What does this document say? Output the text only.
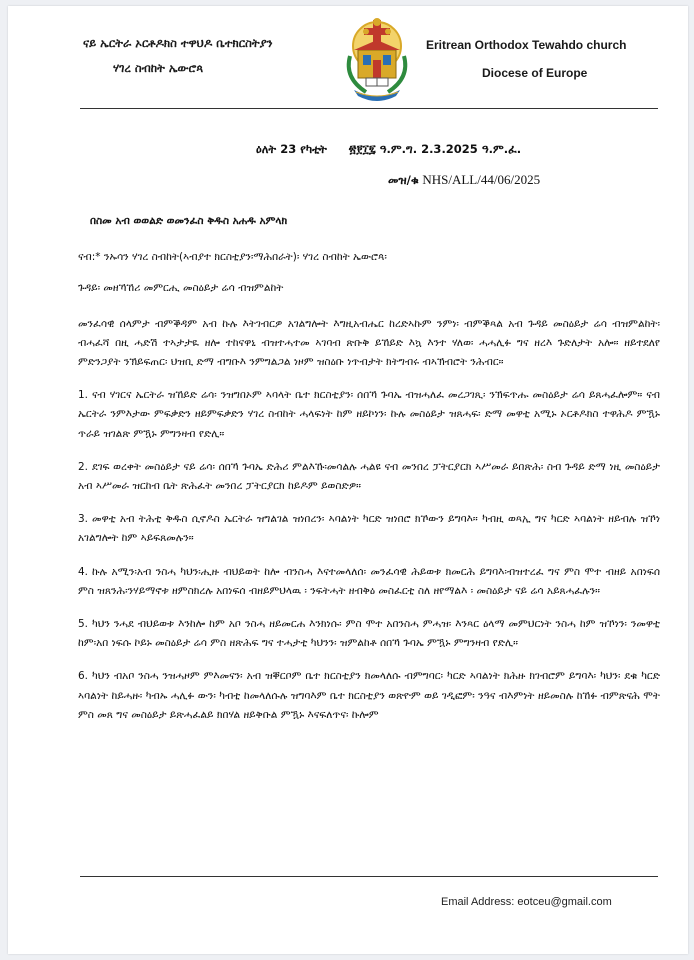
ናይ ኤርትራ ኦርቶዶክስ ተዋህዶ ቤተክርስትያን
ሃገረ ስብከት ኤውሮጳ
Eritrean Orthodox Tewahdo church
Diocese of Europe
ዕለት 23 የካቲት ፳፻፲፯ ዓ.ም.ግ. 2.3.2025 ዓ.ም.ፈ.
መዝ/ቁ NHS/ALL/44/06/2025

በስመ አብ ወወልድ ወመንፈስ ቅዱስ አሐዱ አምላክ

ናብ:* ንኡሳን ሃገረ ስብከት(ኣብያተ ክርስቲያን፡ማሕበራት)፡ ሃገረ ስብከት ኤውሮጳ፡

ጉዳይ፡ መዘኻኸሪ መምርሒ መስዕይታ ሬሳ ብዝምልከት

መንፈሳዊ ሰላምታ ብምቕዳም አብ ኩሉ እትገብርዎ አገልግሎት እግዚአብሔር ከረድኣኩም ንምነ፡ ብምቕጻል አብ ጉዳይ መስዕይታ ሬሳ ብዝምልከት፡ ብሓፈሻ በዚ ሓድሽ ተኣታታዪ ዘሎ ተከናዋኒ ብዝተሓተመ ኣገባብ ጽቡቅ ይኸይድ እኳ እንተ ሃለወ፡ ሓሓሊፉ ግና ዘረእ ጉድለታት አሎ። ዘይተደለየ ምድንጋያት ንኽይፍጠር፡ ህዝቢ ድማ ብግቡእ ንምግልጋል ነዞም ዝስዕቡ ነጥብታት ክትግብሩ ብኣኽብሮት ንሕብር።

1. ናብ ሃገርና ኤርትራ ዝኸይድ ሬሳ፡ ንዝግበኦም ኣባላት ቤተ ክርስቲያን፡ ሰበኻ ጉባኤ ብዝሓለፈ መረጋገጺ፡ ንኽፍጥሑ መስዕይታ ሬሳ ይጸሓፈሎም። ናብ ኤርትራ ንምእታው ምፍቃድን ዘይምፍቃድን ሃገረ ስብከት ሓላፍነት ከም ዘይኮነን፡ ኩሉ መስዕይታ ዝጸሓፍ፡ ድማ መዋቲ አሚኑ ኦርቶዶክስ ተዋሕዶ ምዃኑ ጥራይ ዝገልጽ ምዃኑ ምግንዛብ የድሊ።

2. ደገፍ ወረቀት መስዕይታ ናይ ሬሳ፡ ሰበኻ ጉባኤ ድሕሪ ምልእኹ፡መሳልሉ ሓልዩ ናብ መንበረ ፓትርያርክ ኣሥመራ ይበጽሕ፡ ስብ ጉዳይ ድማ ነዚ መስዕይታ አብ ኣሥመራ ዝርከብ ቤት ጽሕፈት መንበረ ፓትርያርክ ከይዶም ይወስድዎ።

3. መዋቲ አብ ትሕቲ ቅዱስ ሲኖዶስ ኤርትራ ዝግልገል ዝነበረን፡ ኣባልነት ካርድ ዝነበሮ ክኾውን ይግባእ። ካብዚ ወጻኢ ግና ካርድ ኣባልነት ዘይብሉ ዝኾነ አገልግሎት ከም ኣይፍጸመሉን።

4. ኩሉ አሚን፡አብ ንስሓ ካህን፡ሒዙ ብህይወት ከሎ ብንስሓ እናተመላለሰ፡ መንፈሳዊ ሕይወቱ ክመርሕ ይግባእ፡ብዝተረፈ ግና ምስ ሞተ ብዘይ አበነፍሰ ምስ ዝጸንሕ፡ንሃይማኖቱ ዘምስክረሉ አበነፍሰ ብዘይምህላዉ ፡ ንፍትሓት ዘብቅዕ መስፈርቲ ስለ ዘየማልእ ፡ መስዕይታ ናይ ሬሳ አይጸሓፈሉን።

5. ካህን ንሓደ ብህይወቱ እንከሎ ከም አቦ ንስሓ ዘይመርሐ እንክነሱ፡ ምስ ሞተ አበንስሓ ምሓዝ፡ እንጻር ዕላማ መምህርነት ንስሓ ከም ዝኾነን፡ ንመዋቲ ከም፡አበ ነፍሱ ኮይኑ መስዕይታ ሬሳ ምስ ዘጽሕፍ ግና ተሓታቲ ካህንን፡ ዝምልከቶ ሰበኻ ጉባኤ ምዃኑ ምግንዛብ የድሊ።

6. ካህን ብአቦ ንስሓ ንዝሓዞም ምእመናን፡ አብ ዝቐርቦም ቤተ ክርስቲያን ክመላለሱ ብምግባር፡ ካርድ ኣባልነት ክሕዙ ክገብሮም ይግባእ፡ ካህን፡ ደቁ ካርድ ኣባልነት ከይሓዙ፡ ካብኡ ሓሊፉ ውን፡ ካብቲ ከመላለሱሉ ዝግባእም ቤተ ክርስቲያን ወጽዮም ወይ ገዲፎም፡ ንዓና ብእምነት ዘይመስሉ ከኸፉ ብምጽናሕ ሞት ምስ መጸ ግና መስዕይታ ይጽሓፈልይ ክበሃል ዘይቅቡል ምዃኑ እናፍለጥና፡ ኩሎም

Email Address: eotceu@gmail.com
